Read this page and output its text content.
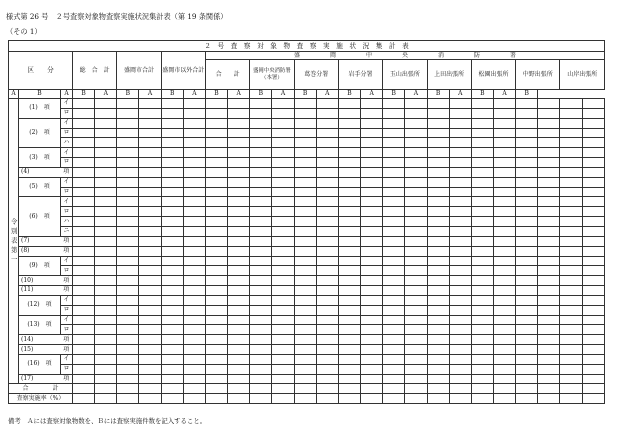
様式第 26 号　２号査察対象物査察実施状況集計表（第 19 条関係）
（その 1）
２　号　査　察　対　象　物　査　察　実　施　状　況　集　計　表																										
区　　分			総　合　計		盛岡市合計		盛岡市以外合計		盛　　　　　岡　　　　　中　　　　　央　　　　　消　　　　　防　　　　　署																	
									合　　計		盛岡中央消防署（本署）		葛巻分署		岩手分署		玉山出張所		上田出張所		松園出張所		中野出張所		山岸出張所	

A	B	A	B	A	B	A	B	A	B	A	B	A	B	A	B	A	B	A	B	A	B	A	B			
令別表第一	(1)　項	イ																								
		ロ																								
	(2)　項	イ																								
		ロ																								
		ハ																								
	(3)　項	イ																								
		ロ																								
	(4)	項																								
	(5)　項	イ																								
		ロ																								
	(6)　項	イ																								
		ロ																								
		ハ																								
		ニ																								
	(7)	項																								
	(8)	項																								
	(9)　項	イ																								
		ロ																								
	(10)	項																								
	(11)	項																								
	(12)　項	イ																								
		ロ																								
	(13)　項	イ																								
		ロ																								
	(14)	項																								
	(15)	項																								
	(16)　項	イ																								
		ロ																								
	(17)	項																								
合　　　　計																										
査察実施率（%）																										
備考　Ａには査察対象物数を、Ｂには査察実施件数を記入すること。
